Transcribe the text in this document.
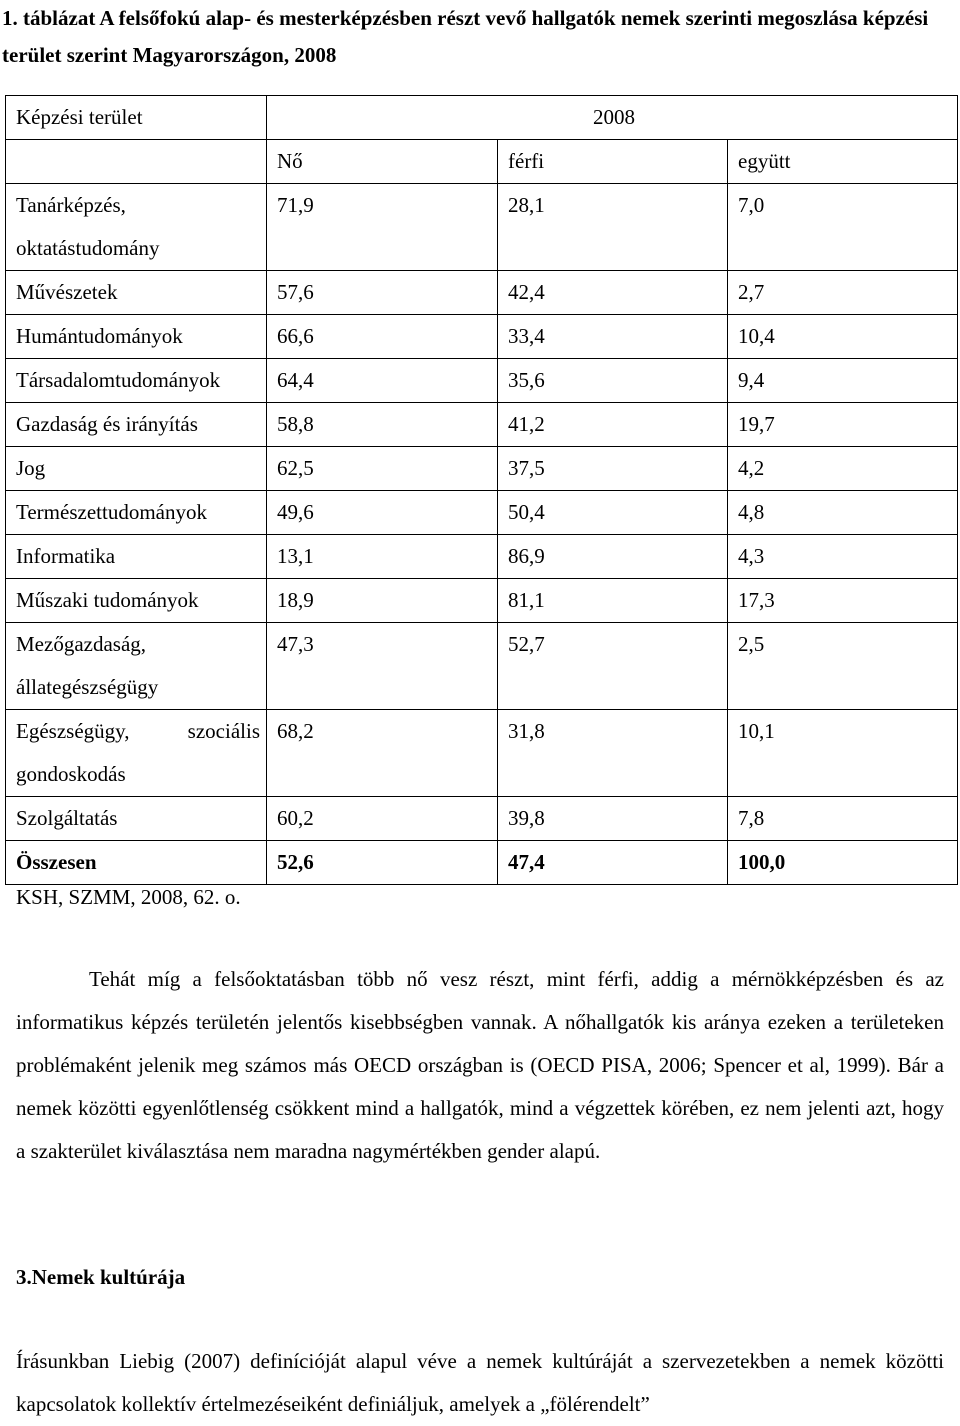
1. táblázat A felsőfokú alap- és mesterképzésben részt vevő hallgatók nemek szerinti megoszlása képzési terület szerint Magyarországon, 2008
Képzési terület	2008		
	Nő	férfi	együtt

Tanárképzés,
oktatástudomány	71,9	28,1	7,0
Művészetek	57,6	42,4	2,7
Humántudományok	66,6	33,4	10,4
Társadalomtudományok	64,4	35,6	9,4
Gazdaság és irányítás	58,8	41,2	19,7
Jog	62,5	37,5	4,2
Természettudományok	49,6	50,4	4,8
Informatika	13,1	86,9	4,3
Műszaki tudományok	18,9	81,1	17,3

Mezőgazdaság,
állategészségügy	47,3	52,7	2,5

Egészségügy, szociális
gondoskodás	68,2	31,8	10,1
Szolgáltatás	60,2	39,8	7,8
Összesen	52,6	47,4	100,0
KSH, SZMM, 2008, 62. o.
Tehát míg a felsőoktatásban több nő vesz részt, mint férfi, addig a mérnökképzésben és az informatikus képzés területén jelentős kisebbségben vannak. A nőhallgatók kis aránya ezeken a területeken problémaként jelenik meg számos más OECD országban is (OECD PISA, 2006; Spencer et al, 1999). Bár a nemek közötti egyenlőtlenség csökkent mind a hallgatók, mind a végzettek körében, ez nem jelenti azt, hogy a szakterület kiválasztása nem maradna nagymértékben gender alapú.
3.Nemek kultúrája
Írásunkban Liebig (2007) definícióját alapul véve a nemek kultúráját a szervezetekben a nemek közötti kapcsolatok kollektív értelmezéseiként definiáljuk, amelyek a „fölérendelt”
